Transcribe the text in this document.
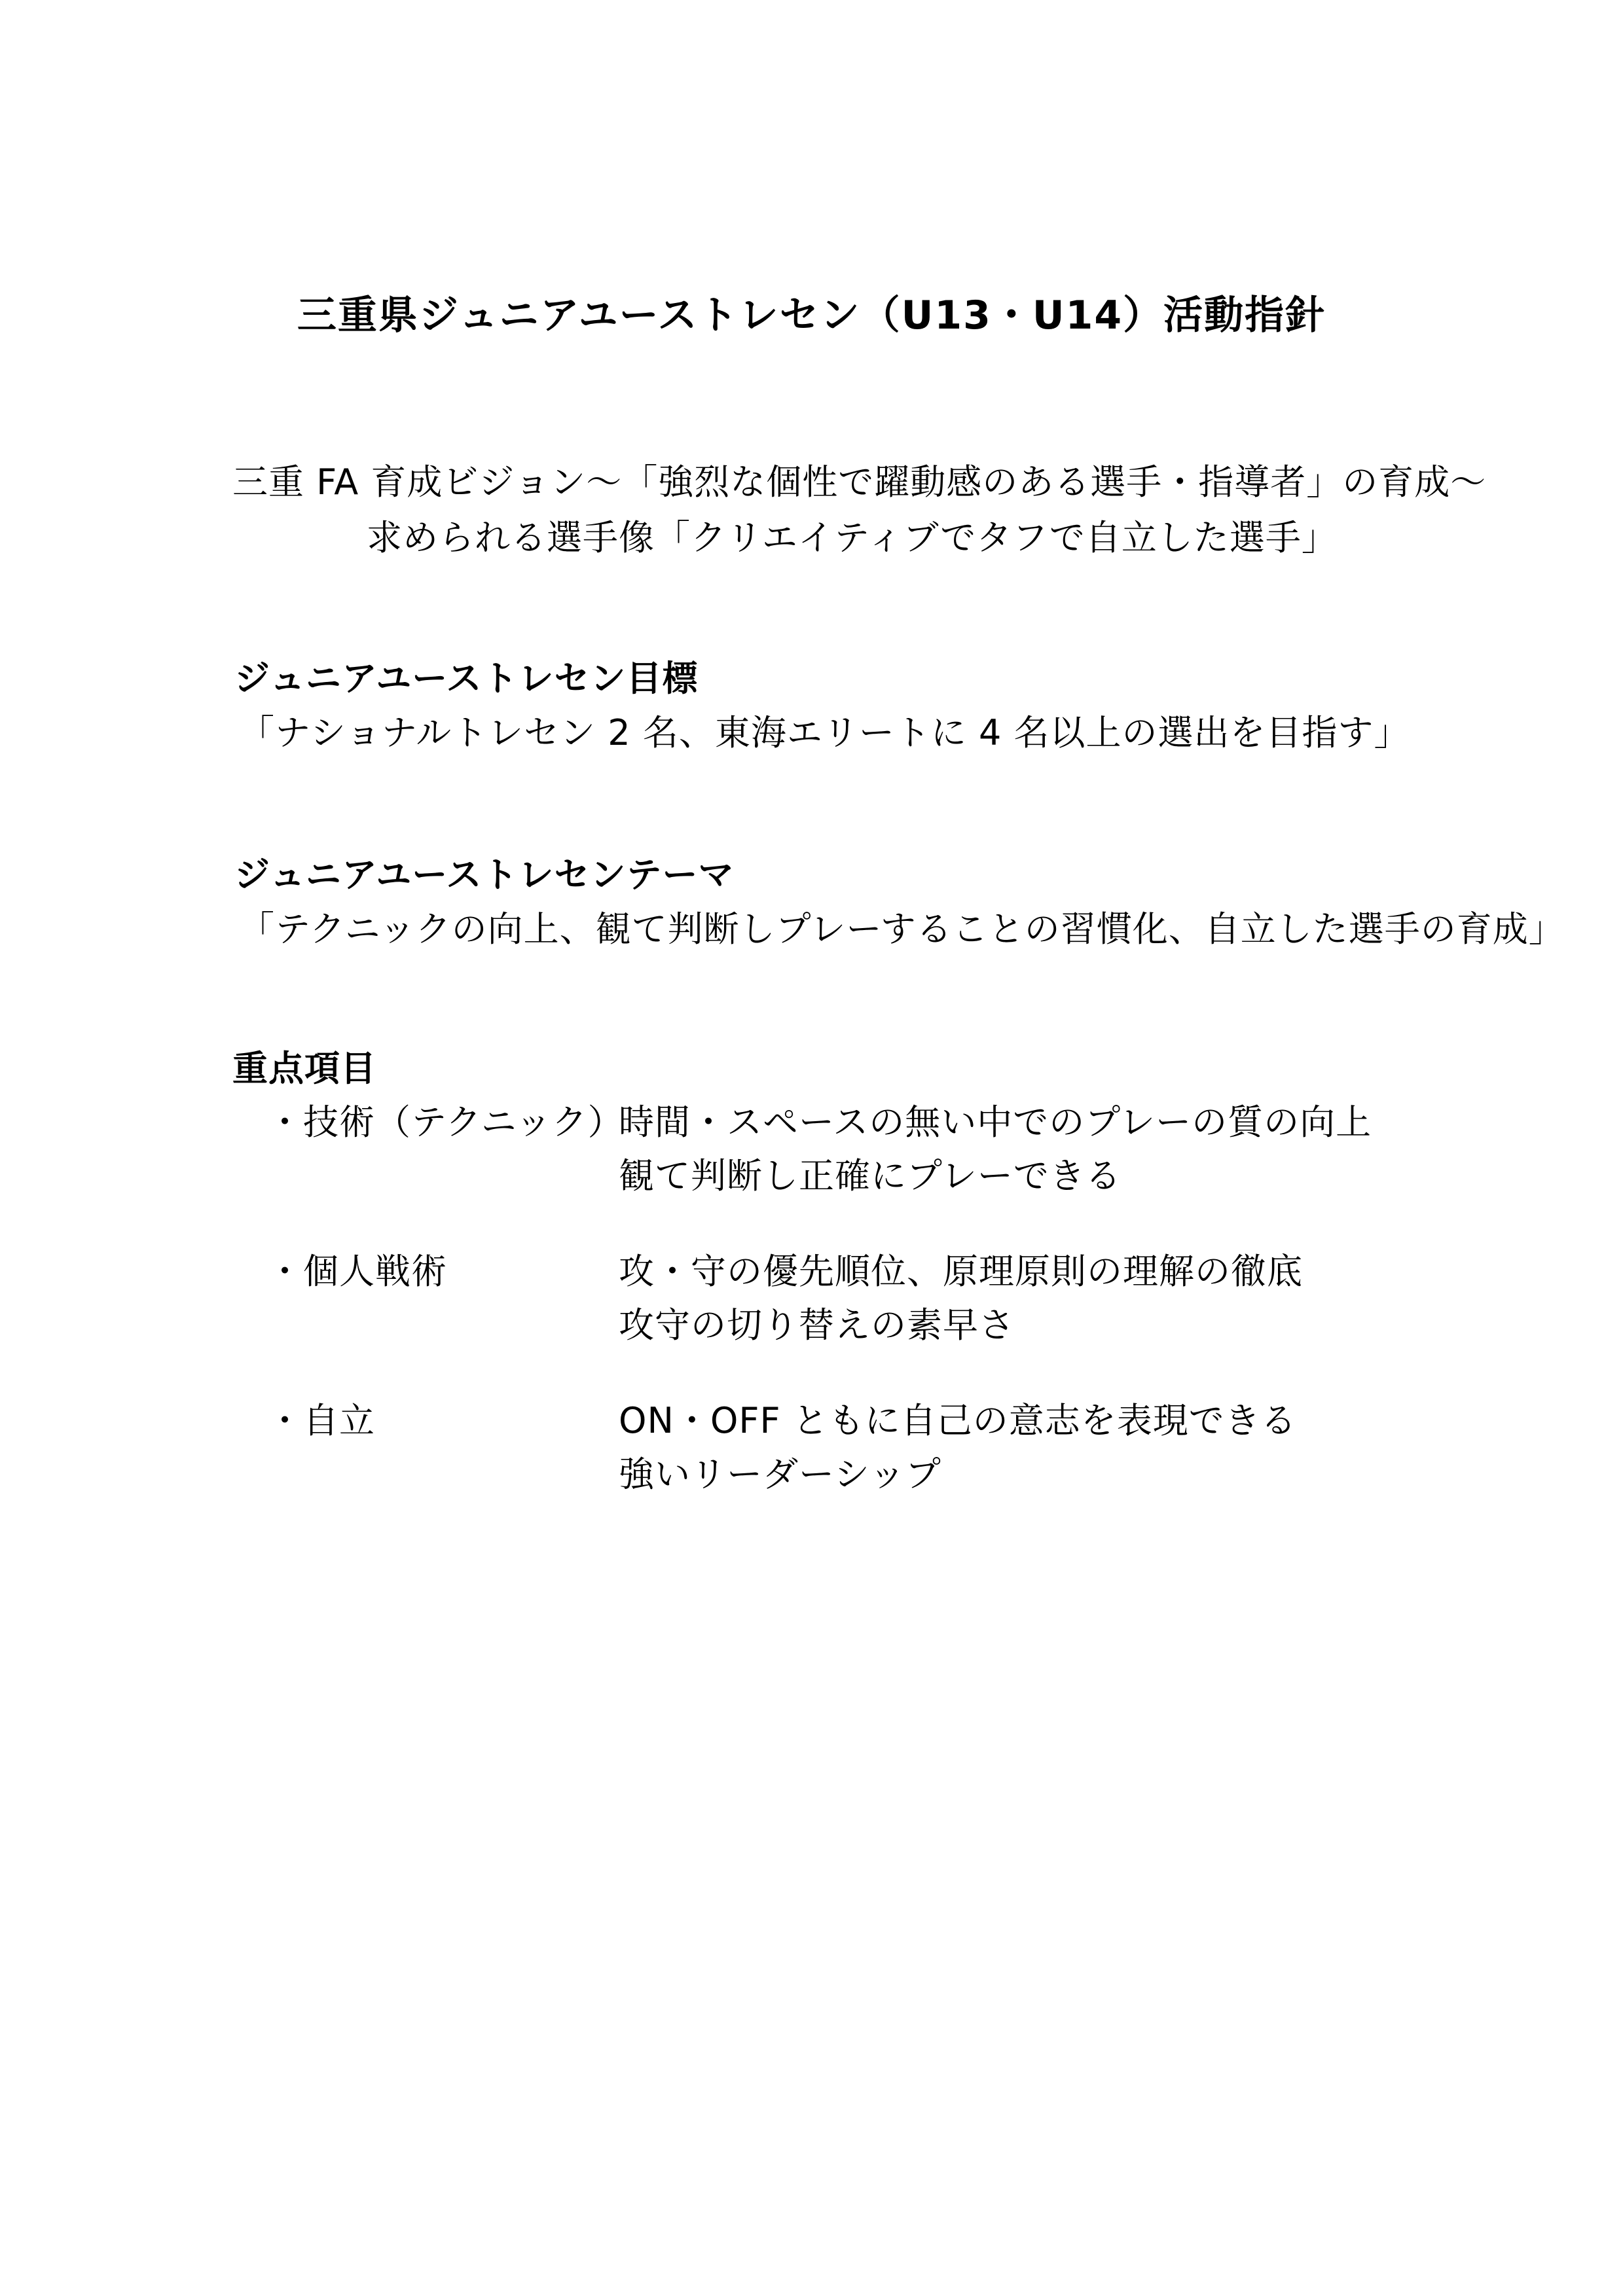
三重県ジュニアユーストレセン（U13・U14）活動指針
三重 FA 育成ビジョン～「強烈な個性で躍動感のある選手・指導者」の育成～
求められる選手像「クリエイティブでタフで自立した選手」
ジュニアユーストレセン目標
「ナショナルトレセン 2 名、東海エリートに 4 名以上の選出を目指す」
ジュニアユーストレセンテーマ
「テクニックの向上、観て判断しプレーすることの習慣化、自立した選手の育成」
重点項目
・技術（テクニック）
時間・スペースの無い中でのプレーの質の向上
観て判断し正確にプレーできる
・個人戦術	攻・守の優先順位、原理原則の理解の徹底
攻守の切り替えの素早さ
・自立	ON・OFF ともに自己の意志を表現できる
強いリーダーシップ
